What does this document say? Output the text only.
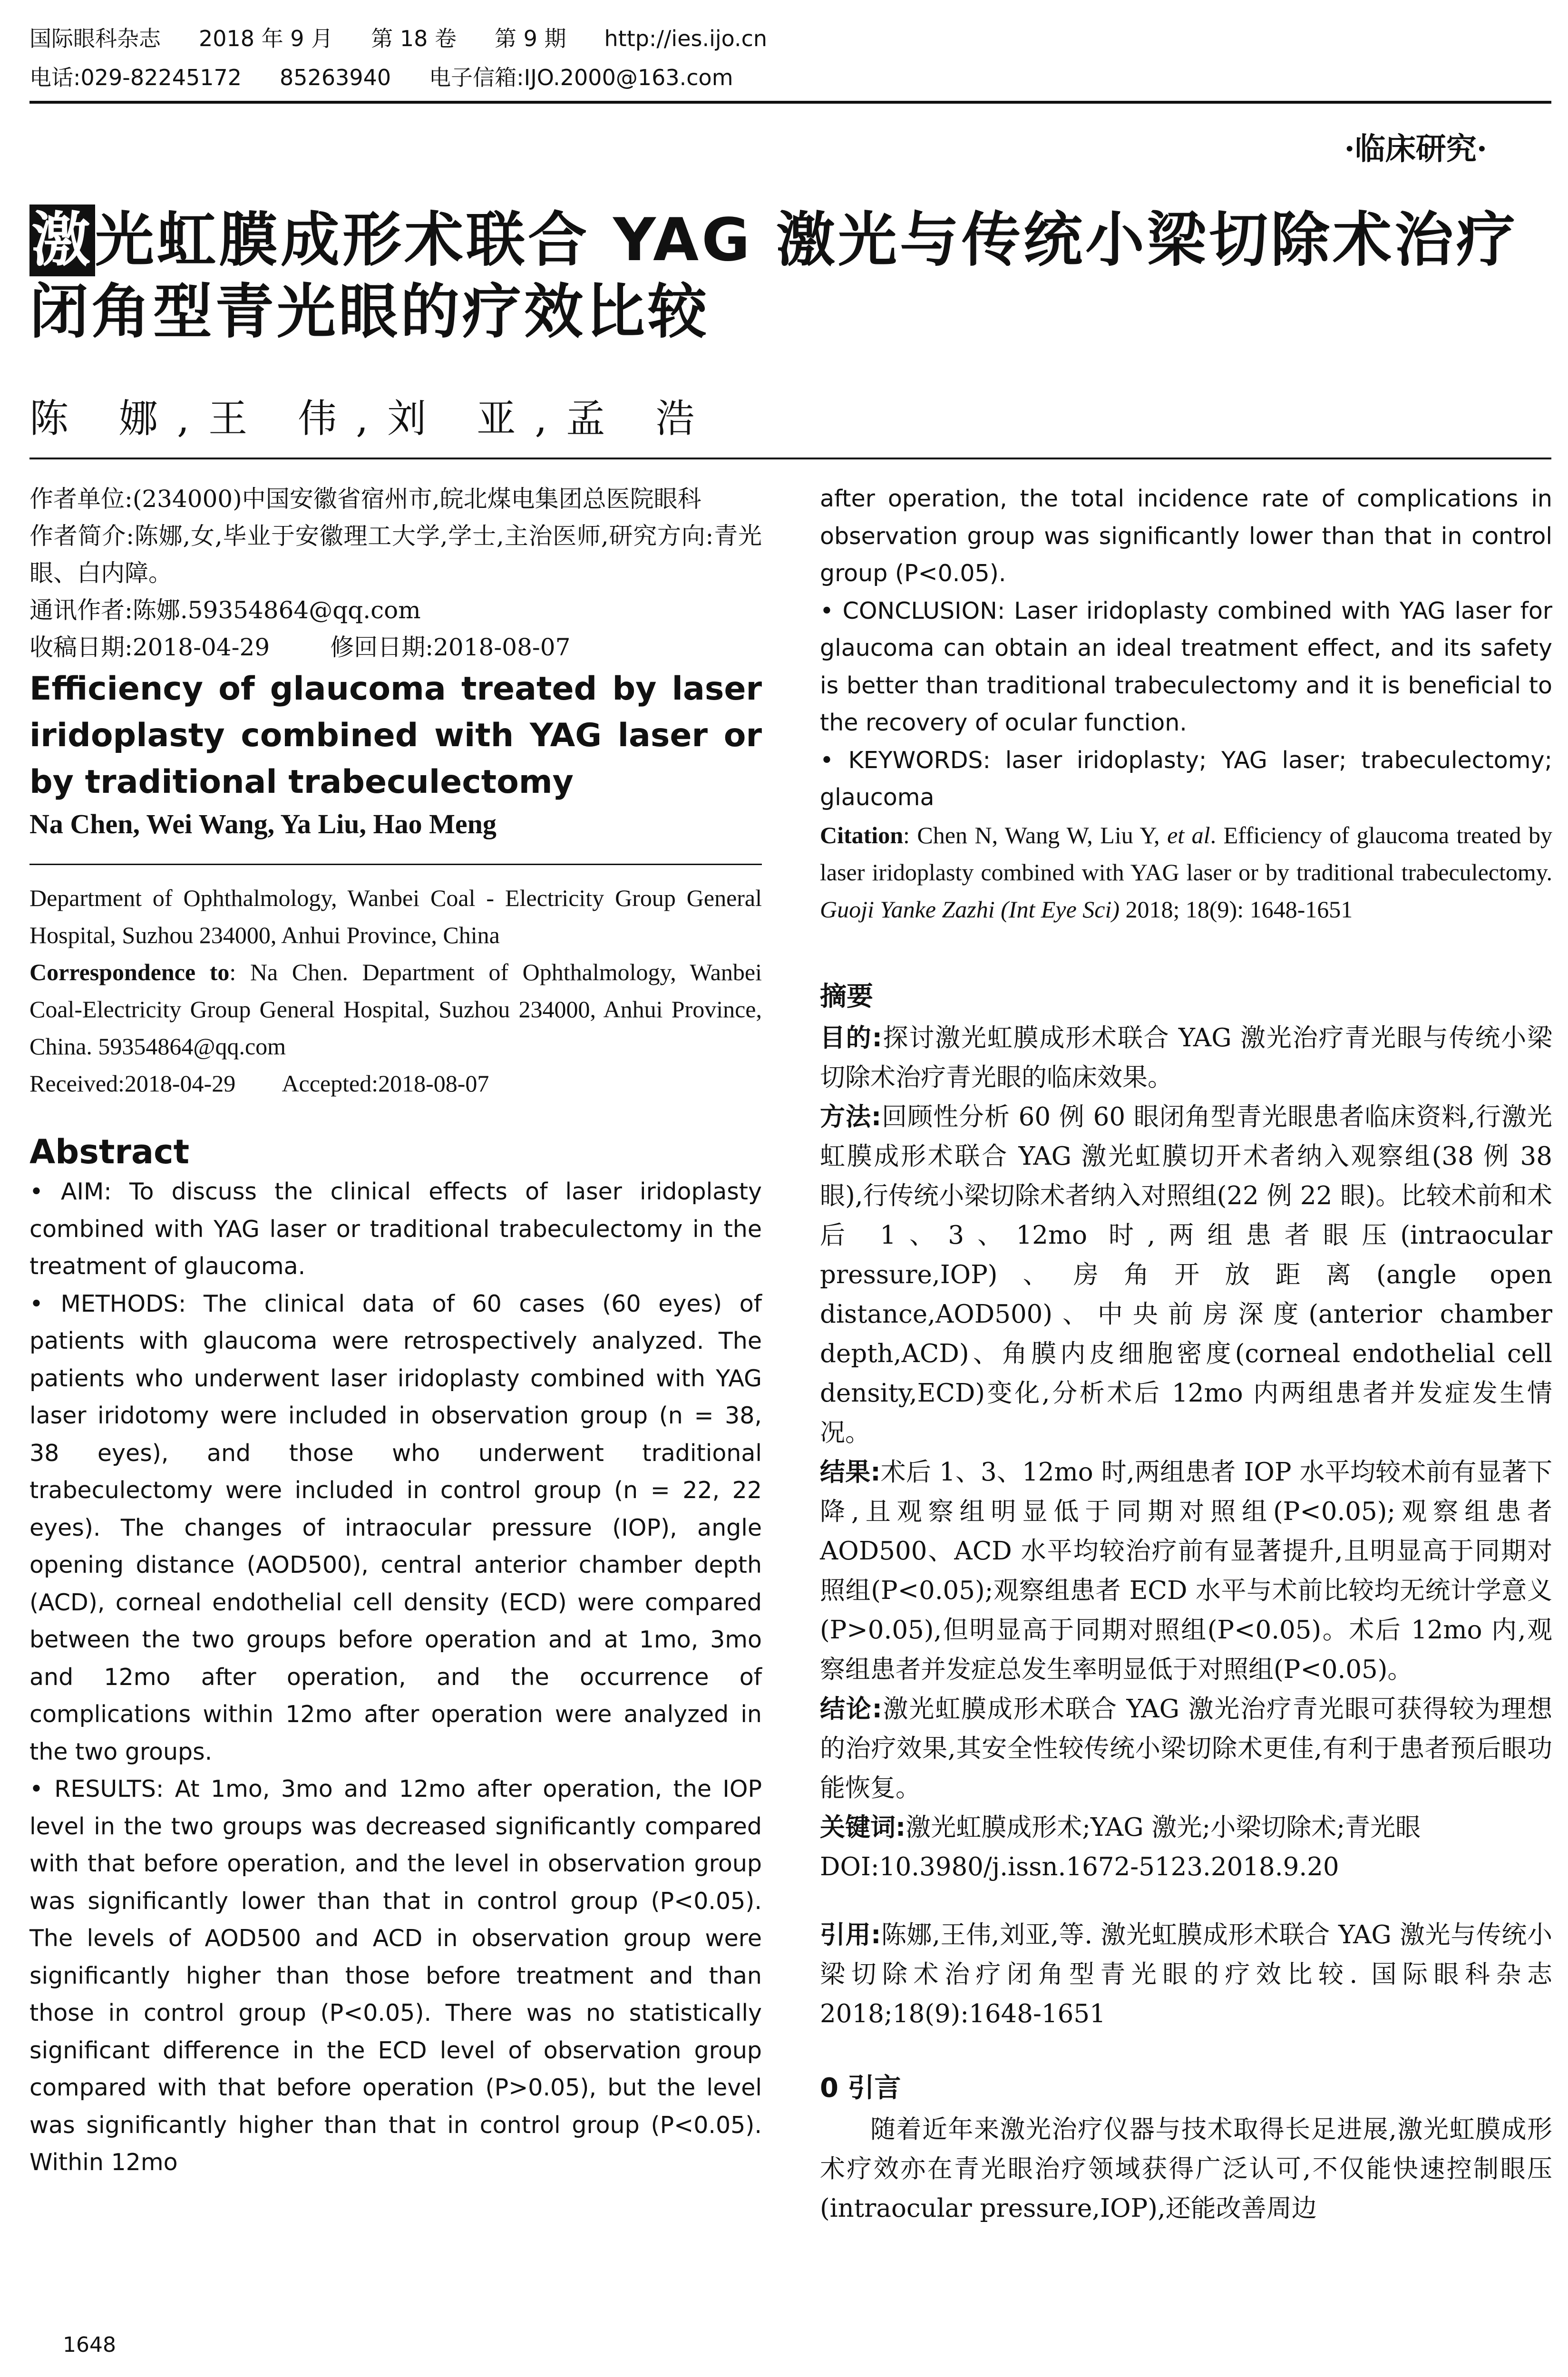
国际眼科杂志 2018 年 9 月 第 18 卷 第 9 期 http://ies.ijo.cn
电话:029-82245172 85263940 电子信箱:IJO.2000@163.com
·临床研究·
激光虹膜成形术联合 YAG 激光与传统小梁切除术治疗闭角型青光眼的疗效比较
陈 娜,王 伟,刘 亚,孟 浩

作者单位:(234000)中国安徽省宿州市,皖北煤电集团总医院眼科

作者简介:陈娜,女,毕业于安徽理工大学,学士,主治医师,研究方向:青光眼、白内障。

通讯作者:陈娜.59354864@qq.com

收稿日期:2018-04-29        修回日期:2018-08-07

Efficiency of glaucoma treated by laser iridoplasty combined with YAG laser or by traditional trabeculectomy

Na Chen, Wei Wang, Ya Liu, Hao Meng

Department of Ophthalmology, Wanbei Coal - Electricity Group General Hospital, Suzhou 234000, Anhui Province, China

Correspondence to: Na Chen. Department of Ophthalmology, Wanbei Coal-Electricity Group General Hospital, Suzhou 234000, Anhui Province, China. 59354864@qq.com

Received:2018-04-29        Accepted:2018-08-07

Abstract

• AIM: To discuss the clinical effects of laser iridoplasty combined with YAG laser or traditional trabeculectomy in the treatment of glaucoma.

• METHODS: The clinical data of 60 cases (60 eyes) of patients with glaucoma were retrospectively analyzed. The patients who underwent laser iridoplasty combined with YAG laser iridotomy were included in observation group (n = 38, 38 eyes), and those who underwent traditional trabeculectomy were included in control group (n = 22, 22 eyes). The changes of intraocular pressure (IOP), angle opening distance (AOD500), central anterior chamber depth (ACD), corneal endothelial cell density (ECD) were compared between the two groups before operation and at 1mo, 3mo and 12mo after operation, and the occurrence of complications within 12mo after operation were analyzed in the two groups.

• RESULTS: At 1mo, 3mo and 12mo after operation, the IOP level in the two groups was decreased significantly compared with that before operation, and the level in observation group was significantly lower than that in control group (P<0.05). The levels of AOD500 and ACD in observation group were significantly higher than those before treatment and than those in control group (P<0.05). There was no statistically significant difference in the ECD level of observation group compared with that before operation (P>0.05), but the level was significantly higher than that in control group (P<0.05). Within 12mo

after operation, the total incidence rate of complications in observation group was significantly lower than that in control group (P<0.05).

• CONCLUSION: Laser iridoplasty combined with YAG laser for glaucoma can obtain an ideal treatment effect, and its safety is better than traditional trabeculectomy and it is beneficial to the recovery of ocular function.

• KEYWORDS: laser iridoplasty; YAG laser; trabeculectomy; glaucoma

Citation: Chen N, Wang W, Liu Y, et al. Efficiency of glaucoma treated by laser iridoplasty combined with YAG laser or by traditional trabeculectomy. Guoji Yanke Zazhi (Int Eye Sci) 2018; 18(9): 1648-1651

摘要

目的:探讨激光虹膜成形术联合 YAG 激光治疗青光眼与传统小梁切除术治疗青光眼的临床效果。

方法:回顾性分析 60 例 60 眼闭角型青光眼患者临床资料,行激光虹膜成形术联合 YAG 激光虹膜切开术者纳入观察组(38 例 38 眼),行传统小梁切除术者纳入对照组(22 例 22 眼)。比较术前和术后 1、3、12mo 时,两组患者眼压(intraocular pressure,IOP)、房角开放距离(angle open distance,AOD500)、中央前房深度(anterior chamber depth,ACD)、角膜内皮细胞密度(corneal endothelial cell density,ECD)变化,分析术后 12mo 内两组患者并发症发生情况。

结果:术后 1、3、12mo 时,两组患者 IOP 水平均较术前有显著下降,且观察组明显低于同期对照组(P<0.05);观察组患者 AOD500、ACD 水平均较治疗前有显著提升,且明显高于同期对照组(P<0.05);观察组患者 ECD 水平与术前比较均无统计学意义(P>0.05),但明显高于同期对照组(P<0.05)。术后 12mo 内,观察组患者并发症总发生率明显低于对照组(P<0.05)。

结论:激光虹膜成形术联合 YAG 激光治疗青光眼可获得较为理想的治疗效果,其安全性较传统小梁切除术更佳,有利于患者预后眼功能恢复。

关键词:激光虹膜成形术;YAG 激光;小梁切除术;青光眼

DOI:10.3980/j.issn.1672-5123.2018.9.20

引用:陈娜,王伟,刘亚,等. 激光虹膜成形术联合 YAG 激光与传统小梁切除术治疗闭角型青光眼的疗效比较. 国际眼科杂志 2018;18(9):1648-1651

0 引言

随着近年来激光治疗仪器与技术取得长足进展,激光虹膜成形术疗效亦在青光眼治疗领域获得广泛认可,不仅能快速控制眼压(intraocular pressure,IOP),还能改善周边

1648
